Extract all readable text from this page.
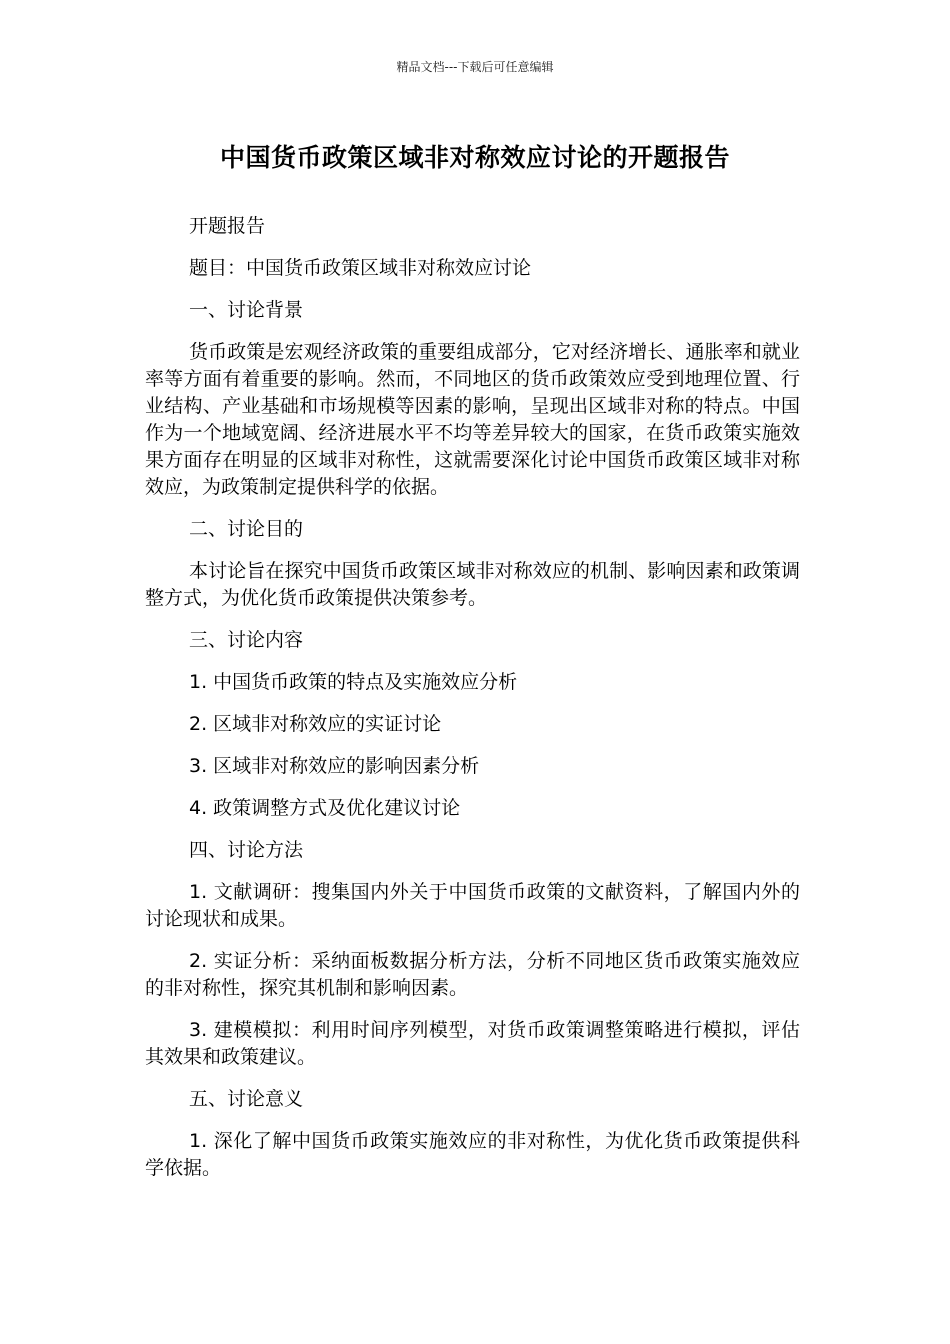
精品文档---下载后可任意编辑
中国货币政策区域非对称效应讨论的开题报告

开题报告

题目：中国货币政策区域非对称效应讨论

一、讨论背景

货币政策是宏观经济政策的重要组成部分，它对经济增长、通胀率和就业率等方面有着重要的影响。然而，不同地区的货币政策效应受到地理位置、行业结构、产业基础和市场规模等因素的影响，呈现出区域非对称的特点。中国作为一个地域宽阔、经济进展水平不均等差异较大的国家，在货币政策实施效果方面存在明显的区域非对称性，这就需要深化讨论中国货币政策区域非对称效应，为政策制定提供科学的依据。

二、讨论目的

本讨论旨在探究中国货币政策区域非对称效应的机制、影响因素和政策调整方式，为优化货币政策提供决策参考。

三、讨论内容

1. 中国货币政策的特点及实施效应分析

2. 区域非对称效应的实证讨论

3. 区域非对称效应的影响因素分析

4. 政策调整方式及优化建议讨论

四、讨论方法

1. 文献调研：搜集国内外关于中国货币政策的文献资料，了解国内外的讨论现状和成果。

2. 实证分析：采纳面板数据分析方法，分析不同地区货币政策实施效应的非对称性，探究其机制和影响因素。

3. 建模模拟：利用时间序列模型，对货币政策调整策略进行模拟，评估其效果和政策建议。

五、讨论意义

1. 深化了解中国货币政策实施效应的非对称性，为优化货币政策提供科学依据。
